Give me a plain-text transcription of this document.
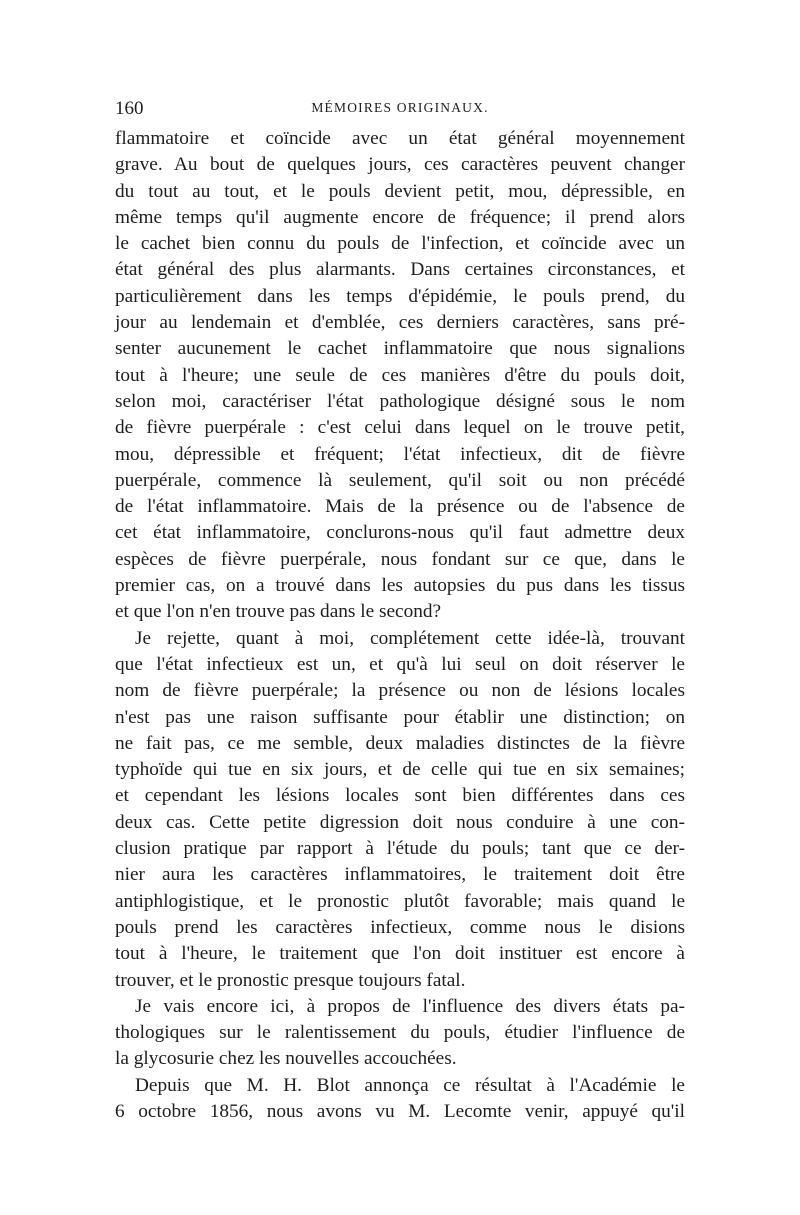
160	MÉMOIRES ORIGINAUX.
flammatoire et coïncide avec un état général moyennement
grave. Au bout de quelques jours, ces caractères peuvent changer
du tout au tout, et le pouls devient petit, mou, dépressible, en
même temps qu'il augmente encore de fréquence; il prend alors
le cachet bien connu du pouls de l'infection, et coïncide avec un
état général des plus alarmants. Dans certaines circonstances, et
particulièrement dans les temps d'épidémie, le pouls prend, du
jour au lendemain et d'emblée, ces derniers caractères, sans pré-
senter aucunement le cachet inflammatoire que nous signalions
tout à l'heure; une seule de ces manières d'être du pouls doit,
selon moi, caractériser l'état pathologique désigné sous le nom
de fièvre puerpérale : c'est celui dans lequel on le trouve petit,
mou, dépressible et fréquent; l'état infectieux, dit de fièvre
puerpérale, commence là seulement, qu'il soit ou non précédé
de l'état inflammatoire. Mais de la présence ou de l'absence de
cet état inflammatoire, conclurons-nous qu'il faut admettre deux
espèces de fièvre puerpérale, nous fondant sur ce que, dans le
premier cas, on a trouvé dans les autopsies du pus dans les tissus
et que l'on n'en trouve pas dans le second?
Je rejette, quant à moi, complétement cette idée-là, trouvant
que l'état infectieux est un, et qu'à lui seul on doit réserver le
nom de fièvre puerpérale; la présence ou non de lésions locales
n'est pas une raison suffisante pour établir une distinction; on
ne fait pas, ce me semble, deux maladies distinctes de la fièvre
typhoïde qui tue en six jours, et de celle qui tue en six semaines;
et cependant les lésions locales sont bien différentes dans ces
deux cas. Cette petite digression doit nous conduire à une con-
clusion pratique par rapport à l'étude du pouls; tant que ce der-
nier aura les caractères inflammatoires, le traitement doit être
antiphlogistique, et le pronostic plutôt favorable; mais quand le
pouls prend les caractères infectieux, comme nous le disions
tout à l'heure, le traitement que l'on doit instituer est encore à
trouver, et le pronostic presque toujours fatal.
Je vais encore ici, à propos de l'influence des divers états pa-
thologiques sur le ralentissement du pouls, étudier l'influence de
la glycosurie chez les nouvelles accouchées.
Depuis que M. H. Blot annonça ce résultat à l'Académie le
6 octobre 1856, nous avons vu M. Lecomte venir, appuyé qu'il
